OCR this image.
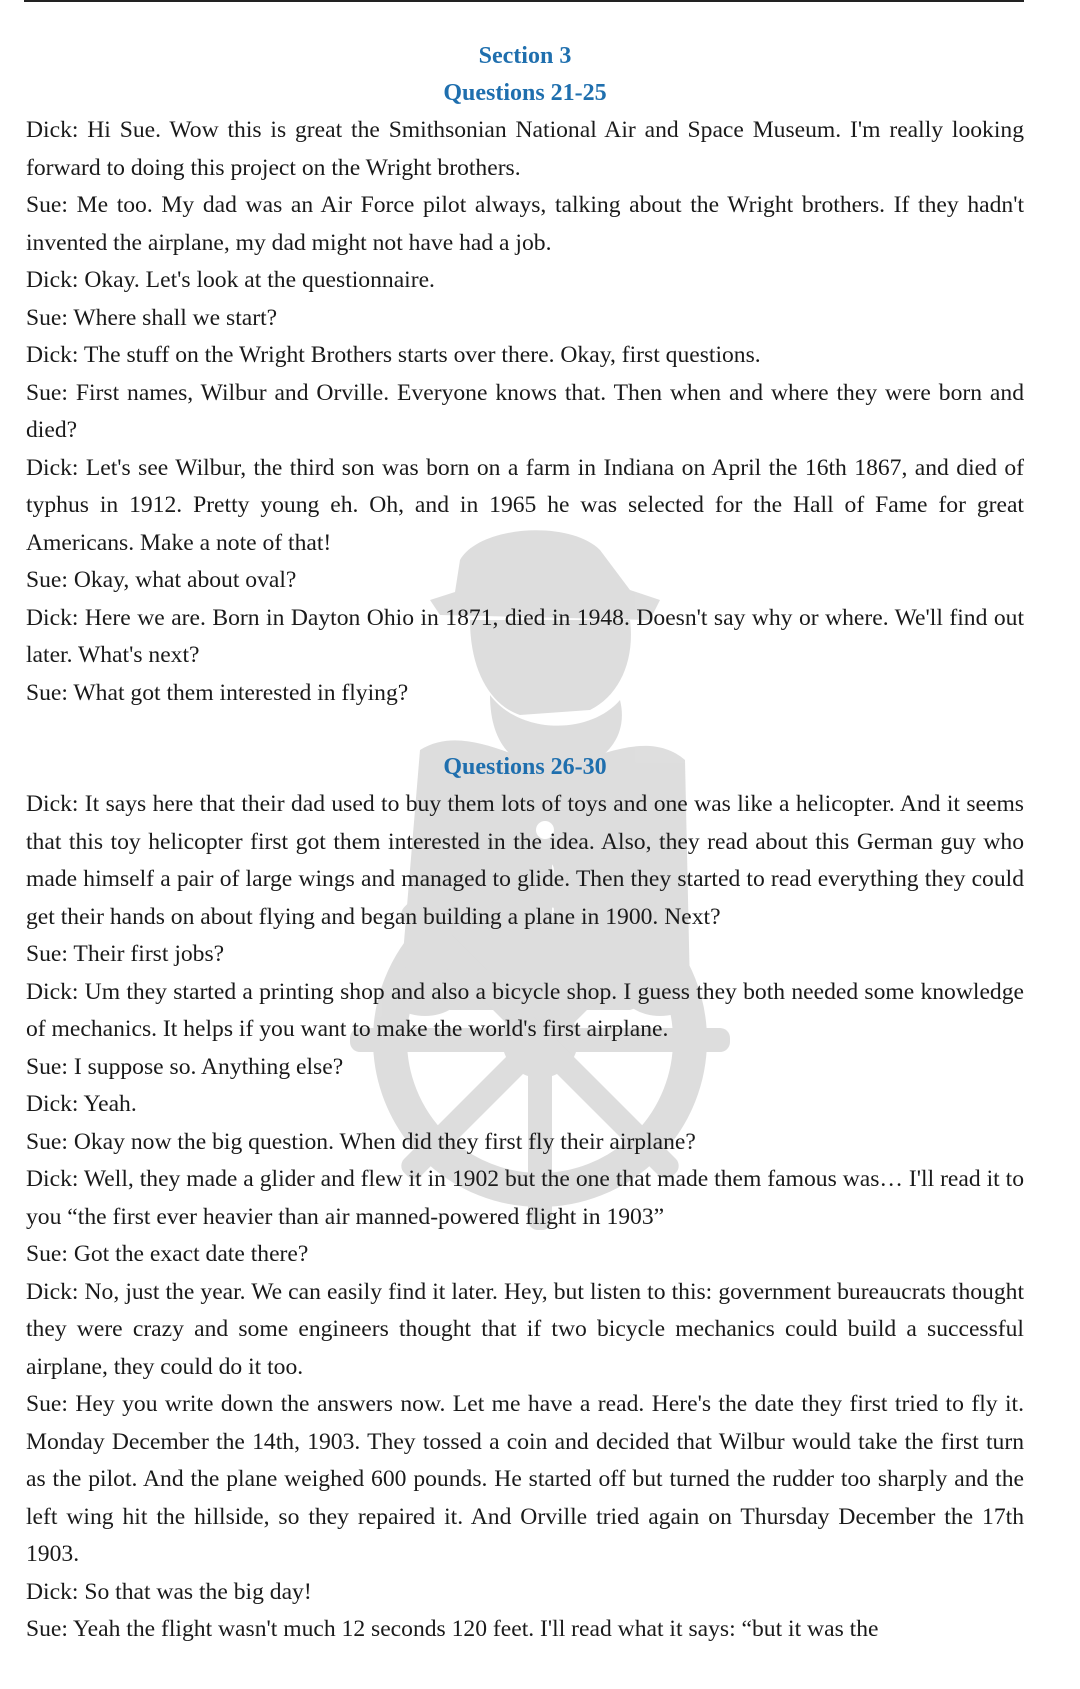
Section 3
Questions 21-25

Dick: Hi Sue. Wow this is great the Smithsonian National Air and Space Museum. I'm really looking forward to doing this project on the Wright brothers.

Sue: Me too. My dad was an Air Force pilot always, talking about the Wright brothers. If they hadn't invented the airplane, my dad might not have had a job.

Dick: Okay. Let's look at the questionnaire.

Sue: Where shall we start?

Dick: The stuff on the Wright Brothers starts over there. Okay, first questions.

Sue: First names, Wilbur and Orville. Everyone knows that. Then when and where they were born and died?

Dick: Let's see Wilbur, the third son was born on a farm in Indiana on April the 16th 1867, and died of typhus in 1912. Pretty young eh. Oh, and in 1965 he was selected for the Hall of Fame for great Americans. Make a note of that!

Sue: Okay, what about oval?

Dick: Here we are. Born in Dayton Ohio in 1871, died in 1948. Doesn't say why or where. We'll find out later. What's next?

Sue: What got them interested in flying?

Questions 26-30

Dick: It says here that their dad used to buy them lots of toys and one was like a helicopter. And it seems that this toy helicopter first got them interested in the idea. Also, they read about this German guy who made himself a pair of large wings and managed to glide. Then they started to read everything they could get their hands on about flying and began building a plane in 1900. Next?

Sue: Their first jobs?

Dick: Um they started a printing shop and also a bicycle shop. I guess they both needed some knowledge of mechanics. It helps if you want to make the world's first airplane.

Sue: I suppose so. Anything else?

Dick: Yeah.

Sue: Okay now the big question. When did they first fly their airplane?

Dick: Well, they made a glider and flew it in 1902 but the one that made them famous was… I'll read it to you “the first ever heavier than air manned-powered flight in 1903”

Sue: Got the exact date there?

Dick: No, just the year. We can easily find it later. Hey, but listen to this: government bureaucrats thought they were crazy and some engineers thought that if two bicycle mechanics could build a successful airplane, they could do it too.

Sue: Hey you write down the answers now. Let me have a read. Here's the date they first tried to fly it. Monday December the 14th, 1903. They tossed a coin and decided that Wilbur would take the first turn as the pilot. And the plane weighed 600 pounds. He started off but turned the rudder too sharply and the left wing hit the hillside, so they repaired it. And Orville tried again on Thursday December the 17th 1903.

Dick: So that was the big day!

Sue: Yeah the flight wasn't much 12 seconds 120 feet. I'll read what it says: “but it was the
